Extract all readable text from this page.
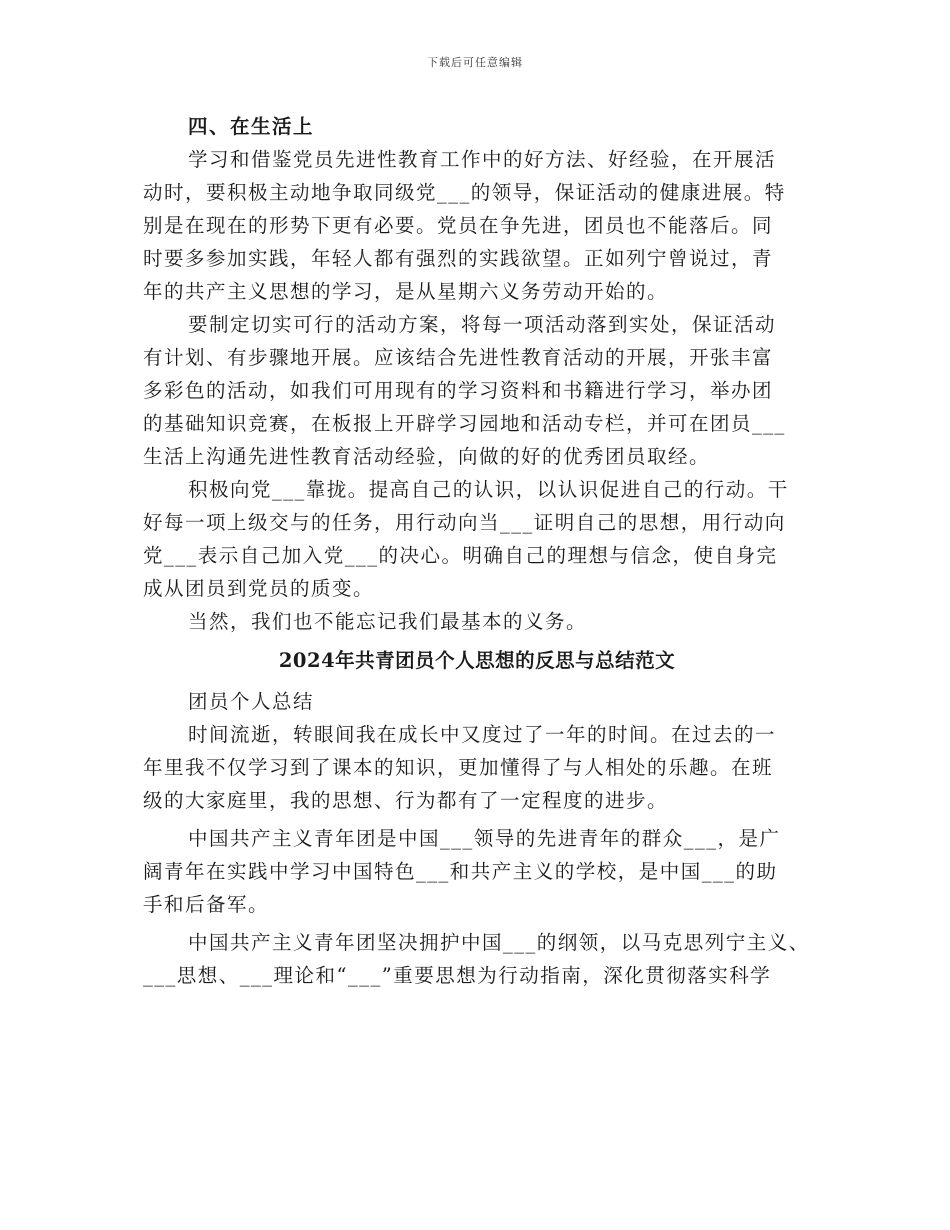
下载后可任意编辑
四、在生活上
学习和借鉴党员先进性教育工作中的好方法、好经验，在开展活
动时，要积极主动地争取同级党___的领导，保证活动的健康进展。特
别是在现在的形势下更有必要。党员在争先进，团员也不能落后。同
时要多参加实践，年轻人都有强烈的实践欲望。正如列宁曾说过，青
年的共产主义思想的学习，是从星期六义务劳动开始的。
要制定切实可行的活动方案，将每一项活动落到实处，保证活动
有计划、有步骤地开展。应该结合先进性教育活动的开展，开张丰富
多彩色的活动，如我们可用现有的学习资料和书籍进行学习，举办团
的基础知识竞赛，在板报上开辟学习园地和活动专栏，并可在团员___
生活上沟通先进性教育活动经验，向做的好的优秀团员取经。
积极向党___靠拢。提高自己的认识，以认识促进自己的行动。干
好每一项上级交与的任务，用行动向当___证明自己的思想，用行动向
党___表示自己加入党___的决心。明确自己的理想与信念，使自身完
成从团员到党员的质变。
当然，我们也不能忘记我们最基本的义务。
2024年共青团员个人思想的反思与总结范文
团员个人总结
时间流逝，转眼间我在成长中又度过了一年的时间。在过去的一
年里我不仅学习到了课本的知识，更加懂得了与人相处的乐趣。在班
级的大家庭里，我的思想、行为都有了一定程度的进步。
中国共产主义青年团是中国___领导的先进青年的群众___，是广
阔青年在实践中学习中国特色___和共产主义的学校，是中国___的助
手和后备军。
中国共产主义青年团坚决拥护中国___的纲领，以马克思列宁主义、
___思想、___理论和“___”重要思想为行动指南，深化贯彻落实科学
